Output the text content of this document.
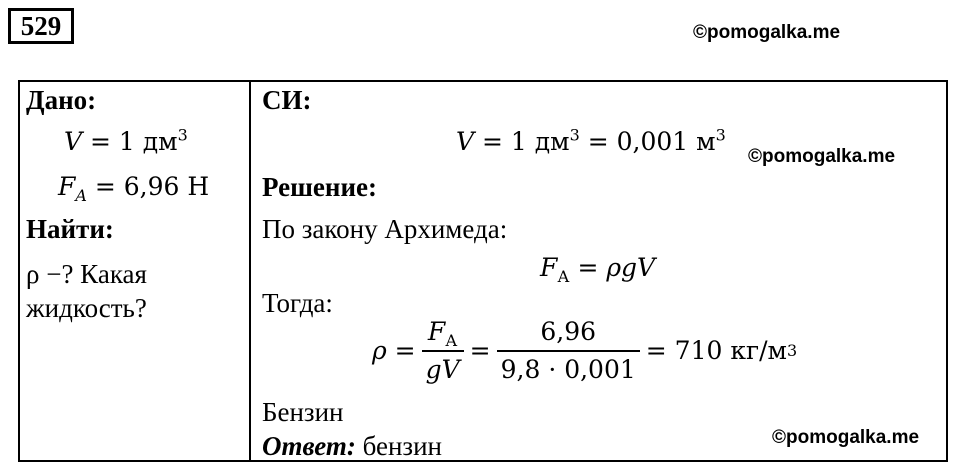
529	©pomogalka.me
©pomogalka.me
©pomogalka.me
Дано:
V = 1 $дм^3$
$F_A = 6,96$ Н
Найти:
ρ −? Какая
жидкость?
СИ:
V = 1 $дм^3 = 0,001$ $м^3$
Решение:
По закону Архимеда:
$F_А = \rho gV$
Тогда:
$\rho = \frac{F_А}{gV} = \frac{6,96}{9,8 \cdot 0,001} = 710$ кг/м 3
Бензин
Ответ: бензин
